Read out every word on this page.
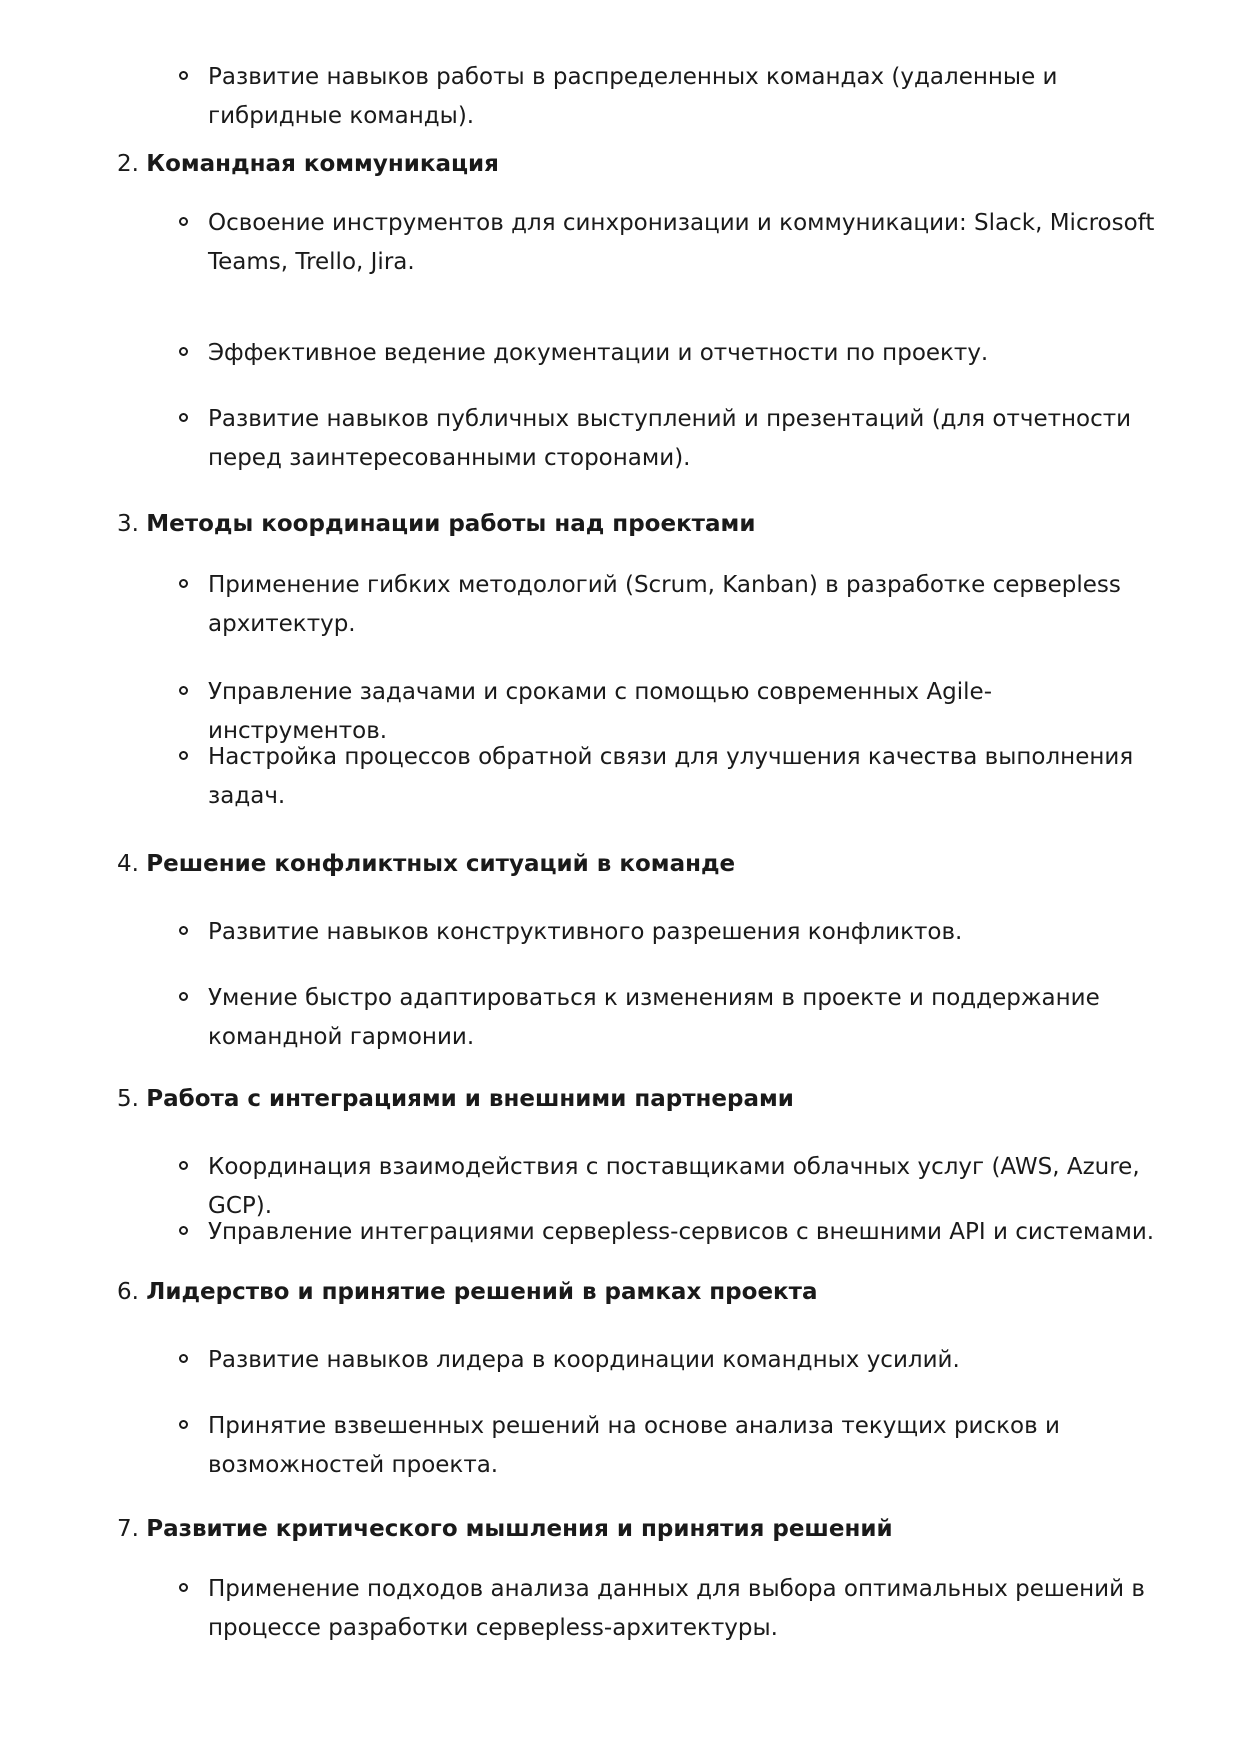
Развитие навыков работы в распределенных командах (удаленные и гибридные команды).

2. Командная коммуникация

Освоение инструментов для синхронизации и коммуникации: Slack, Microsoft Teams, Trello, Jira.

Эффективное ведение документации и отчетности по проекту.

Развитие навыков публичных выступлений и презентаций (для отчетности перед заинтересованными сторонами).

3. Методы координации работы над проектами

Применение гибких методологий (Scrum, Kanban) в разработке серверless архитектур.

Управление задачами и сроками с помощью современных Agile-инструментов.

Настройка процессов обратной связи для улучшения качества выполнения задач.

4. Решение конфликтных ситуаций в команде

Развитие навыков конструктивного разрешения конфликтов.

Умение быстро адаптироваться к изменениям в проекте и поддержание командной гармонии.

5. Работа с интеграциями и внешними партнерами

Координация взаимодействия с поставщиками облачных услуг (AWS, Azure, GCP).

Управление интеграциями серверless-сервисов с внешними API и системами.

6. Лидерство и принятие решений в рамках проекта

Развитие навыков лидера в координации командных усилий.

Принятие взвешенных решений на основе анализа текущих рисков и возможностей проекта.

7. Развитие критического мышления и принятия решений

Применение подходов анализа данных для выбора оптимальных решений в процессе разработки серверless-архитектуры.
